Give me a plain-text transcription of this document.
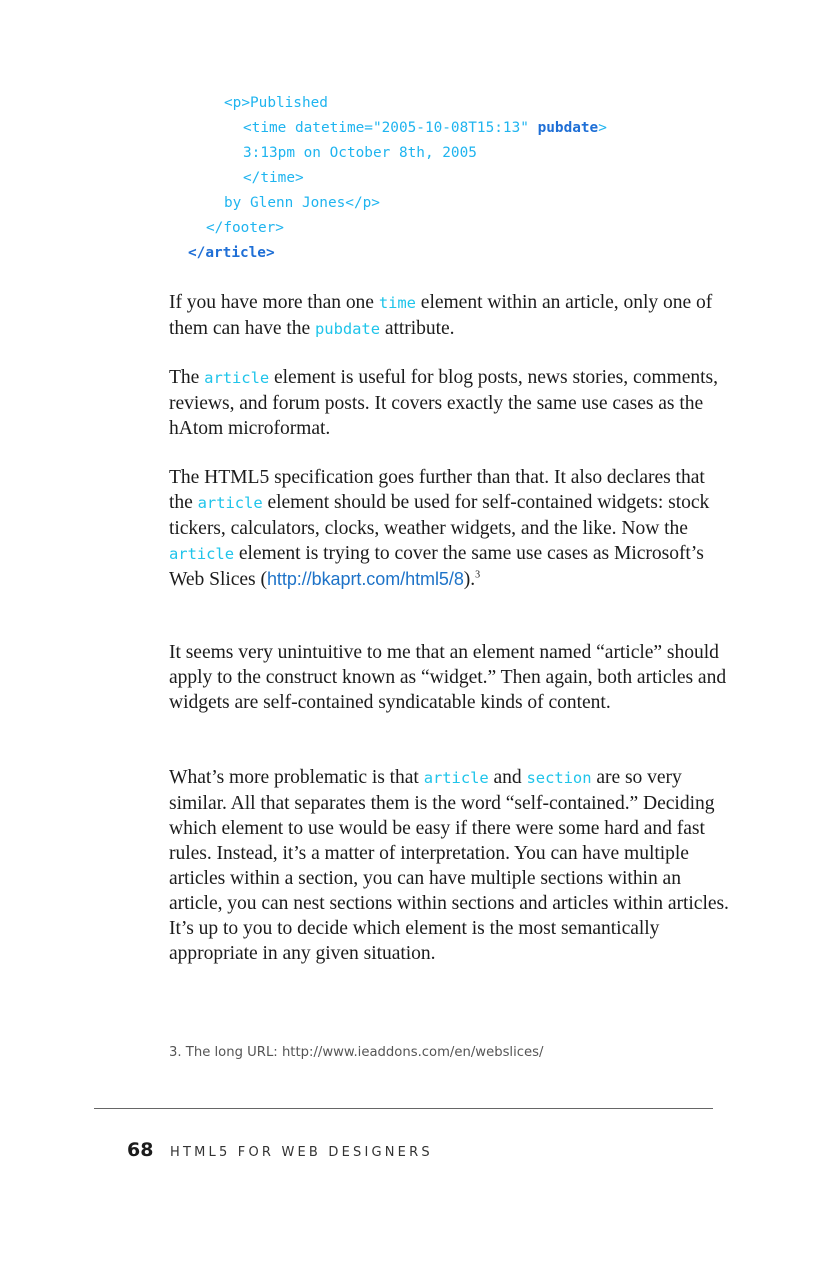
<p>Published

<time datetime="2005-10-08T15:13" pubdate>

3:13pm on October 8th, 2005

</time>

by Glenn Jones</p>

</footer>

</article>

If you have more than one time element within an article, only one of them can have the pubdate attribute.

The article element is useful for blog posts, news stories, comments, reviews, and forum posts. It covers exactly the same use cases as the hAtom microformat.

The HTML5 specification goes further than that. It also declares that the article element should be used for self-contained widgets: stock tickers, calculators, clocks, weather widgets, and the like. Now the article element is trying to cover the same use cases as Microsoft’s Web Slices (http://bkaprt.com/html5/8).$^3$

It seems very unintuitive to me that an element named “article” should apply to the construct known as “widget.” Then again, both articles and widgets are self-contained syndicatable kinds of content.

What’s more problematic is that article and section are so very similar. All that separates them is the word “self-contained.” Deciding which element to use would be easy if there were some hard and fast rules. Instead, it’s a matter of interpretation. You can have multiple articles within a section, you can have multiple sections within an article, you can nest sections within sections and articles within articles. It’s up to you to decide which element is the most semantically appropriate in any given situation.

3. The long URL: http://www.ieaddons.com/en/webslices/

68 HTML5 FOR WEB DESIGNERS
